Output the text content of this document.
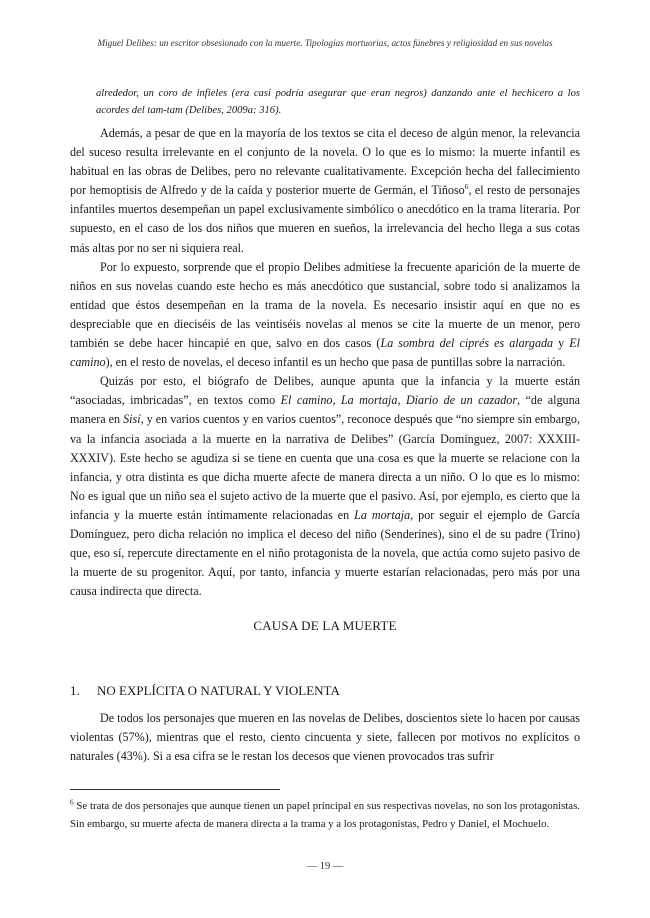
Miguel Delibes: un escritor obsesionado con la muerte. Tipologías mortuorias, actos fúnebres y religiosidad en sus novelas
alrededor, un coro de infieles (era casi podría asegurar que eran negros) danzando ante el hechicero a los acordes del tam-tam (Delibes, 2009a: 316).

Además, a pesar de que en la mayoría de los textos se cita el deceso de algún menor, la relevancia del suceso resulta irrelevante en el conjunto de la novela. O lo que es lo mismo: la muerte infantil es habitual en las obras de Delibes, pero no relevante cualitativamente. Excepción hecha del fallecimiento por hemoptisis de Alfredo y de la caída y posterior muerte de Germán, el Tiñoso$^6$, el resto de personajes infantiles muertos desempeñan un papel exclusivamente simbólico o anecdótico en la trama literaria. Por supuesto, en el caso de los dos niños que mueren en sueños, la irrelevancia del hecho llega a sus cotas más altas por no ser ni siquiera real.

Por lo expuesto, sorprende que el propio Delibes admitiese la frecuente aparición de la muerte de niños en sus novelas cuando este hecho es más anecdótico que sustancial, sobre todo si analizamos la entidad que éstos desempeñan en la trama de la novela. Es necesario insistir aquí en que no es despreciable que en dieciséis de las veintiséis novelas al menos se cite la muerte de un menor, pero también se debe hacer hincapié en que, salvo en dos casos (La sombra del ciprés es alargada y El camino), en el resto de novelas, el deceso infantil es un hecho que pasa de puntillas sobre la narración.

Quizás por esto, el biógrafo de Delibes, aunque apunta que la infancia y la muerte están “asociadas, imbricadas”, en textos como El camino, La mortaja, Diario de un cazador, “de alguna manera en Sisí, y en varios cuentos y en varios cuentos”, reconoce después que “no siempre sin embargo, va la infancia asociada a la muerte en la narrativa de Delibes” (García Domínguez, 2007: XXXIII-XXXIV). Este hecho se agudiza si se tiene en cuenta que una cosa es que la muerte se relacione con la infancia, y otra distinta es que dicha muerte afecte de manera directa a un niño. O lo que es lo mismo: No es igual que un niño sea el sujeto activo de la muerte que el pasivo. Así, por ejemplo, es cierto que la infancia y la muerte están íntimamente relacionadas en La mortaja, por seguir el ejemplo de García Domínguez, pero dicha relación no implica el deceso del niño (Senderines), sino el de su padre (Trino) que, eso sí, repercute directamente en el niño protagonista de la novela, que actúa como sujeto pasivo de la muerte de su progenitor. Aquí, por tanto, infancia y muerte estarían relacionadas, pero más por una causa indirecta que directa.

CAUSA DE LA MUERTE
1. NO EXPLÍCITA O NATURAL Y VIOLENTA

De todos los personajes que mueren en las novelas de Delibes, doscientos siete lo hacen por causas violentas (57%), mientras que el resto, ciento cincuenta y siete, fallecen por motivos no explícitos o naturales (43%). Si a esa cifra se le restan los decesos que vienen provocados tras sufrir

$^6$ Se trata de dos personajes que aunque tienen un papel principal en sus respectivas novelas, no son los protagonistas. Sin embargo, su muerte afecta de manera directa a la trama y a los protagonistas, Pedro y Daniel, el Mochuelo.
— 19 —
